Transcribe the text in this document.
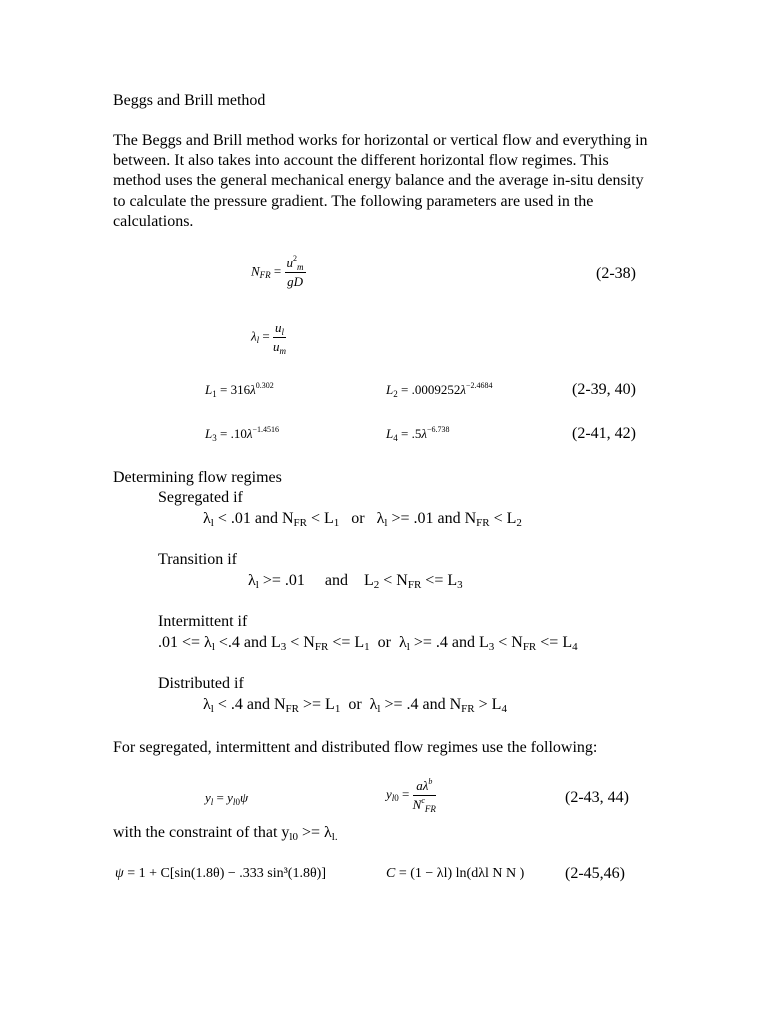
Beggs and Brill method
The Beggs and Brill method works for horizontal or vertical flow and everything in between. It also takes into account the different horizontal flow regimes. This method uses the general mechanical energy balance and the average in-situ density to calculate the pressure gradient. The following parameters are used in the calculations.
$N_{FR} = \frac{u^2_m}{gD}$	(2-38)
$\lambda_l = \frac{u_l}{u_m}$
$L_1 = 316\lambda^{0.302}$	$L_2 = .0009252\lambda^{-2.4684}$	(2-39, 40)
$L_3 = .10\lambda^{-1.4516}$	$L_4 = .5\lambda^{-6.738}$	(2-41, 42)
Determining flow regimes
Segregated if
λl < .01 and NFR < L1   or   λl >= .01 and NFR < L2
Transition if
λl >= .01     and    L2 < NFR <= L3
Intermittent if
.01 <= λl <.4 and L3 < NFR <= L1  or  λl >= .4 and L3 < NFR <= L4
Distributed if
λl < .4 and NFR >= L1  or  λl >= .4 and NFR > L4
For segregated, intermittent and distributed flow regimes use the following:
$y_l = y_{l0}\psi$	$y_{l0} = \frac{a\lambda^b}{N^c_{FR}}$	(2-43, 44)
with the constraint of that yl0 >= λl.
ψ = 1 + C[sin(1.8θ) − .333 sin³(1.8θ)]	C = (1 − λl) ln(dλl N N )	(2-45,46)
